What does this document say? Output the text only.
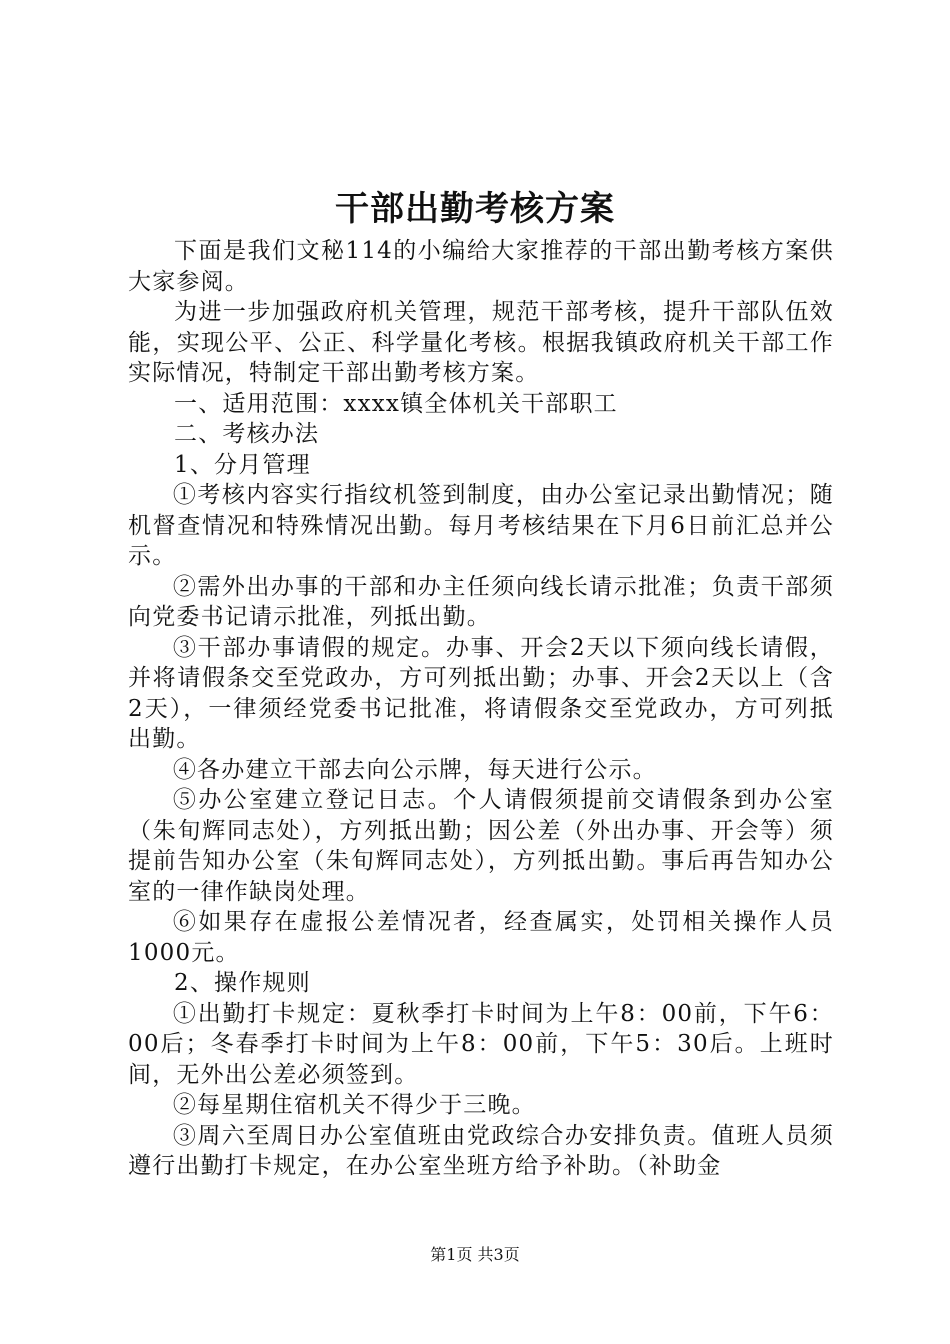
干部出勤考核方案

下面是我们文秘114的小编给大家推荐的干部出勤考核方案供大家参阅。

为进一步加强政府机关管理，规范干部考核，提升干部队伍效能，实现公平、公正、科学量化考核。根据我镇政府机关干部工作实际情况，特制定干部出勤考核方案。

一、适用范围：xxxx镇全体机关干部职工

二、考核办法

1、分月管理

①考核内容实行指纹机签到制度，由办公室记录出勤情况；随机督查情况和特殊情况出勤。每月考核结果在下月6日前汇总并公示。

②需外出办事的干部和办主任须向线长请示批准；负责干部须向党委书记请示批准，列抵出勤。

③干部办事请假的规定。办事、开会2天以下须向线长请假，并将请假条交至党政办，方可列抵出勤；办事、开会2天以上（含2天），一律须经党委书记批准，将请假条交至党政办，方可列抵出勤。

④各办建立干部去向公示牌，每天进行公示。

⑤办公室建立登记日志。个人请假须提前交请假条到办公室（朱旬辉同志处），方列抵出勤；因公差（外出办事、开会等）须提前告知办公室（朱旬辉同志处），方列抵出勤。事后再告知办公室的一律作缺岗处理。

⑥如果存在虚报公差情况者，经查属实，处罚相关操作人员1000元。

2、操作规则

①出勤打卡规定：夏秋季打卡时间为上午8：00前，下午6：00后；冬春季打卡时间为上午8：00前，下午5：30后。上班时间，无外出公差必须签到。

②每星期住宿机关不得少于三晚。

③周六至周日办公室值班由党政综合办安排负责。值班人员须遵行出勤打卡规定，在办公室坐班方给予补助。（补助金

第1页 共3页
